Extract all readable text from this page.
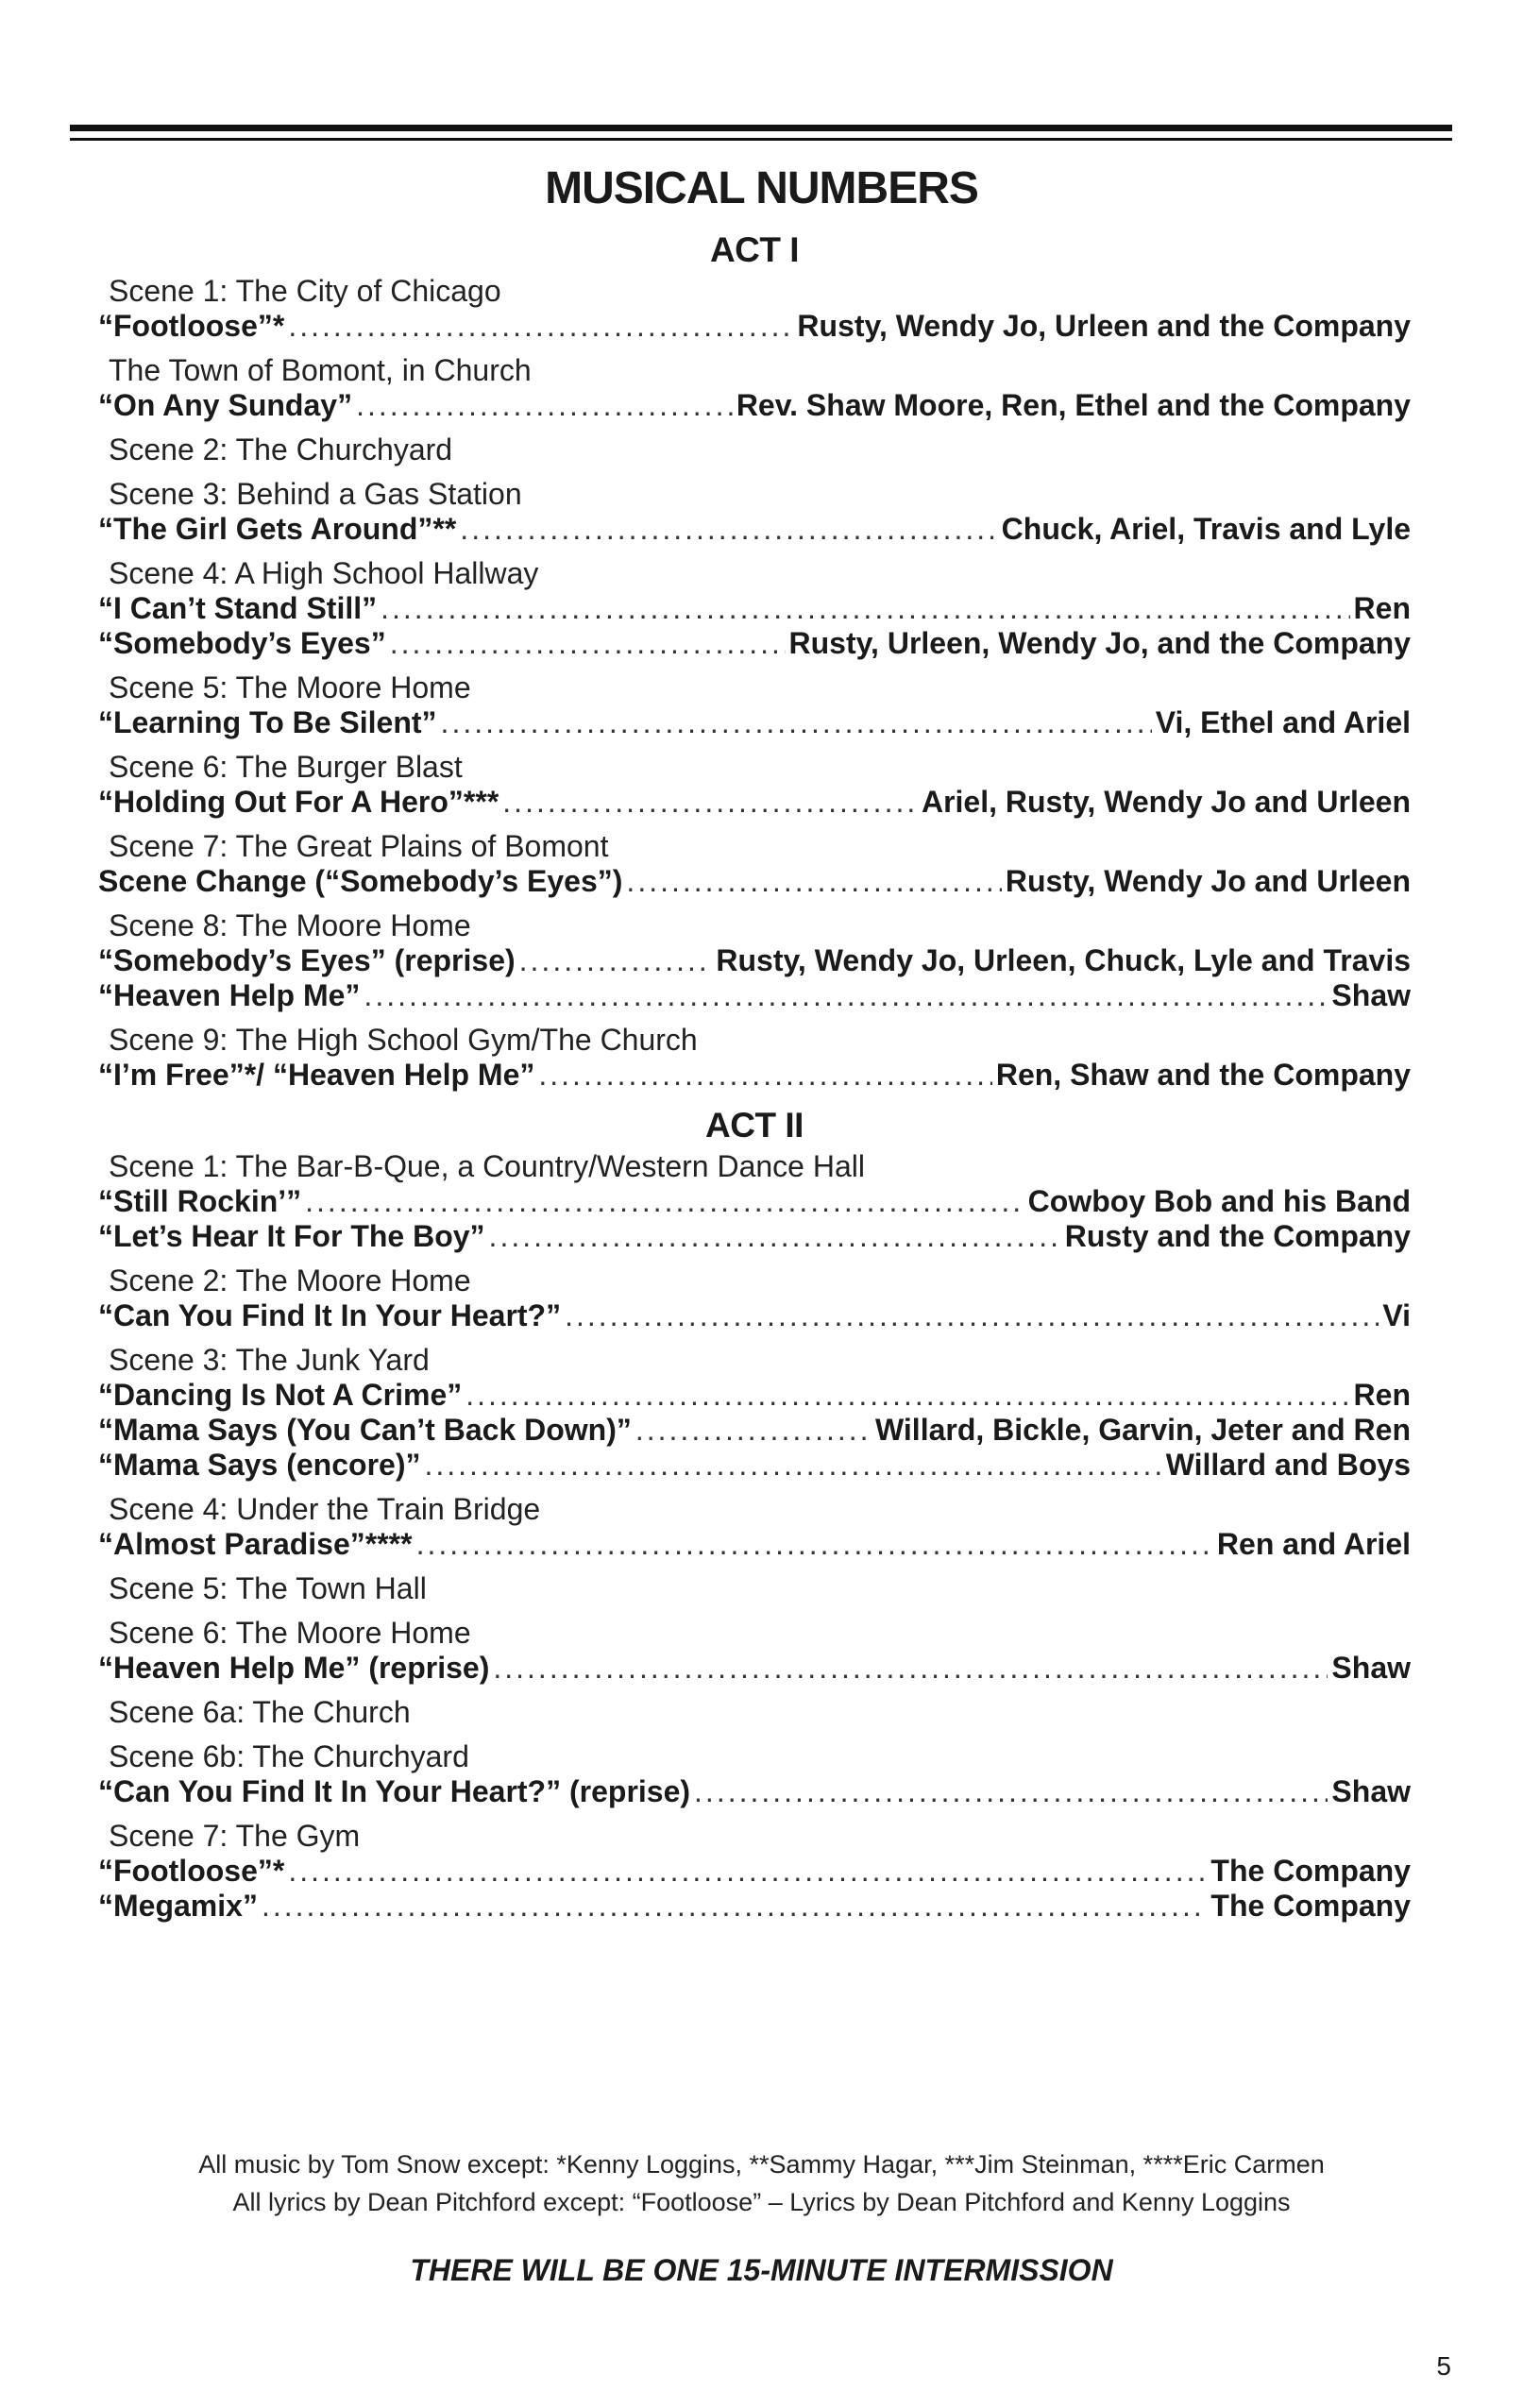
MUSICAL NUMBERS
ACT I
Scene 1: The City of Chicago
“Footloose”* .....	Rusty, Wendy Jo, Urleen and the Company
The Town of Bomont, in Church
“On Any Sunday” .....	Rev. Shaw Moore, Ren, Ethel and the Company
Scene 2: The Churchyard
Scene 3: Behind a Gas Station
“The Girl Gets Around”** .....	Chuck, Ariel, Travis and Lyle
Scene 4: A High School Hallway
“I Can’t Stand Still” .....	Ren
“Somebody’s Eyes” .....	Rusty, Urleen, Wendy Jo, and the Company
Scene 5: The Moore Home
“Learning To Be Silent” .....	Vi, Ethel and Ariel
Scene 6: The Burger Blast
“Holding Out For A Hero”*** .....	Ariel, Rusty, Wendy Jo and Urleen
Scene 7: The Great Plains of Bomont
Scene Change (“Somebody’s Eyes”) .....	Rusty, Wendy Jo and Urleen
Scene 8: The Moore Home
“Somebody’s Eyes” (reprise) .....	Rusty, Wendy Jo, Urleen, Chuck, Lyle and Travis
“Heaven Help Me” .....	Shaw
Scene 9: The High School Gym/The Church
“I’m Free”*/ “Heaven Help Me” .....	Ren, Shaw and the Company
ACT II
Scene 1: The Bar-B-Que, a Country/Western Dance Hall
“Still Rockin’” .....	Cowboy Bob and his Band
“Let’s Hear It For The Boy” .....	Rusty and the Company
Scene 2: The Moore Home
“Can You Find It In Your Heart?” .....	Vi
Scene 3: The Junk Yard
“Dancing Is Not A Crime” .....	Ren
“Mama Says (You Can’t Back Down)” .....	Willard, Bickle, Garvin, Jeter and Ren
“Mama Says (encore)” .....	Willard and Boys
Scene 4: Under the Train Bridge
“Almost Paradise”**** .....	Ren and Ariel
Scene 5: The Town Hall
Scene 6: The Moore Home
“Heaven Help Me” (reprise) .....	Shaw
Scene 6a: The Church
Scene 6b: The Churchyard
“Can You Find It In Your Heart?” (reprise) .....	Shaw
Scene 7: The Gym
“Footloose”* .....	The Company
“Megamix” .....	The Company
All music by Tom Snow except: *Kenny Loggins, **Sammy Hagar, ***Jim Steinman, ****Eric Carmen
All lyrics by Dean Pitchford except: “Footloose” – Lyrics by Dean Pitchford and Kenny Loggins
THERE WILL BE ONE 15-MINUTE INTERMISSION
5
